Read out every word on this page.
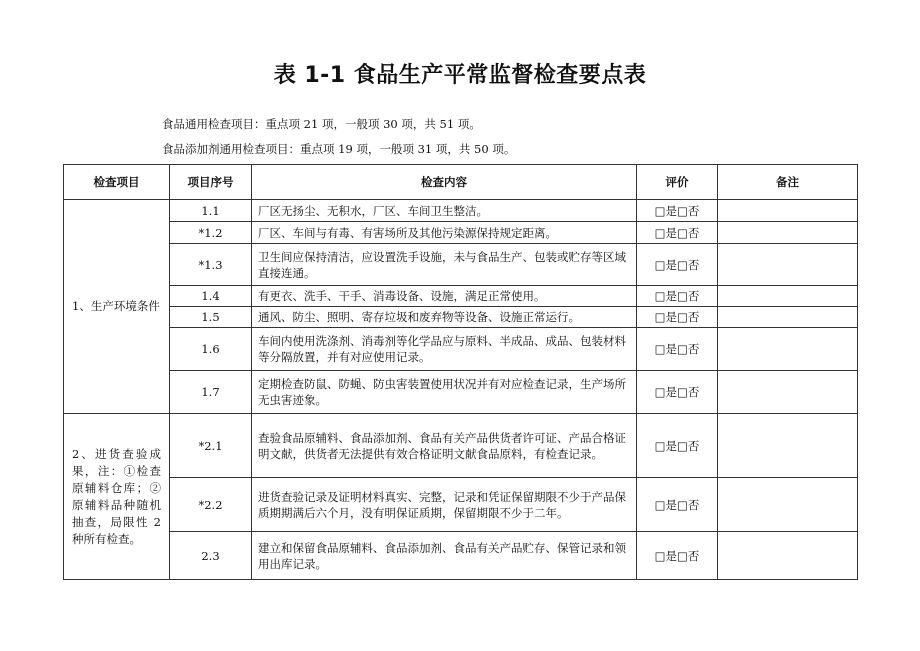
表 1-1 食品生产平常监督检查要点表
食品通用检查项目：重点项 21 项，一般项 30 项，共 51 项。
食品添加剂通用检查项目：重点项 19 项，一般项 31 项，共 50 项。
检查项目	项目序号	检查内容	评价	备注
1、生产环境条件	1.1	厂区无扬尘、无积水，厂区、车间卫生整洁。	□是□否	
	*1.2	厂区、车间与有毒、有害场所及其他污染源保持规定距离。	□是□否	
	*1.3	卫生间应保持清洁，应设置洗手设施，未与食品生产、包装或贮存等区域直接连通。	□是□否	
	1.4	有更衣、洗手、干手、消毒设备、设施，满足正常使用。	□是□否	
	1.5	通风、防尘、照明、寄存垃圾和废弃物等设备、设施正常运行。	□是□否	
	1.6	车间内使用洗涤剂、消毒剂等化学品应与原料、半成品、成品、包装材料等分隔放置，并有对应使用记录。	□是□否	
	1.7	定期检查防鼠、防蝇、防虫害装置使用状况并有对应检查记录，生产场所无虫害迹象。	□是□否	
2、进货查验成果，注：①检查原辅料仓库；②原辅料品种随机抽查，局限性 2 种所有检查。	*2.1	查验食品原辅料、食品添加剂、食品有关产品供货者许可证、产品合格证明文献，供货者无法提供有效合格证明文献食品原料，有检查记录。	□是□否	
	*2.2	进货查验记录及证明材料真实、完整，记录和凭证保留期限不少于产品保质期期满后六个月，没有明保证质期，保留期限不少于二年。	□是□否	
	2.3	建立和保留食品原辅料、食品添加剂、食品有关产品贮存、保管记录和领用出库记录。	□是□否	
